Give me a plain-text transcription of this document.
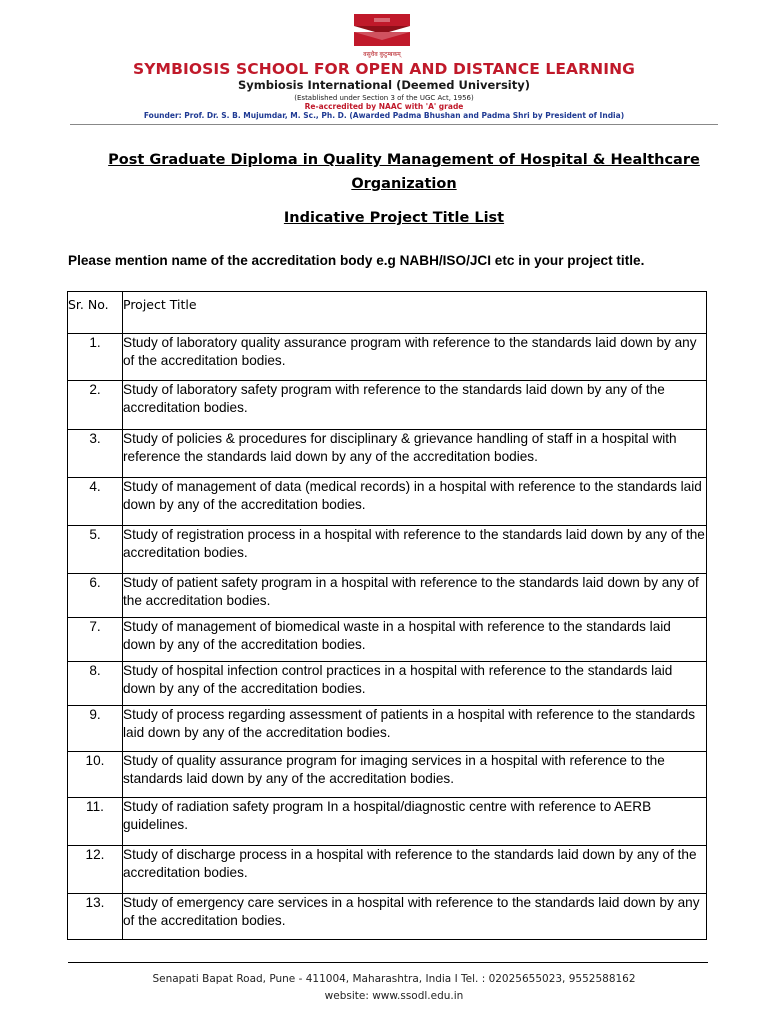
वसुधैव कुटुम्बकम्
SYMBIOSIS SCHOOL FOR OPEN AND DISTANCE LEARNING
Symbiosis International (Deemed University)
(Established under Section 3 of the UGC Act, 1956)
Re-accredited by NAAC with 'A' grade
Founder: Prof. Dr. S. B. Mujumdar, M. Sc., Ph. D. (Awarded Padma Bhushan and Padma Shri by President of India)
Post Graduate Diploma in Quality Management of Hospital & Healthcare Organization
Indicative Project Title List
Please mention name of the accreditation body e.g NABH/ISO/JCI etc in your project title.
Sr. No.	Project Title
1.	Study of laboratory quality assurance program with reference to the standards laid down by any of the accreditation bodies.
2.	Study of laboratory safety program with reference to the standards laid down by any of the accreditation bodies.
3.	Study of policies & procedures for disciplinary & grievance handling of staff in a hospital with reference the standards laid down by any of the accreditation bodies.
4.	Study of management of data (medical records) in a hospital with reference to the standards laid down by any of the accreditation bodies.
5.	Study of registration process in a hospital with reference to the standards laid down by any of the accreditation bodies.
6.	Study of patient safety program in a hospital with reference to the standards laid down by any of the accreditation bodies.
7.	Study of management of biomedical waste in a hospital with reference to the standards laid down by any of the accreditation bodies.
8.	Study of hospital infection control practices in a hospital with reference to the standards laid down by any of the accreditation bodies.
9.	Study of process regarding assessment of patients in a hospital with reference to the standards laid down by any of the accreditation bodies.
10.	Study of quality assurance program for imaging services in a hospital with reference to the standards laid down by any of the accreditation bodies.
11.	Study of radiation safety program In a hospital/diagnostic centre with reference to AERB guidelines.
12.	Study of discharge process in a hospital with reference to the standards laid down by any of the accreditation bodies.
13.	Study of emergency care services in a hospital with reference to the standards laid down by any of the accreditation bodies.
Senapati Bapat Road, Pune - 411004, Maharashtra, India I Tel. : 02025655023, 9552588162
website: www.ssodl.edu.in
